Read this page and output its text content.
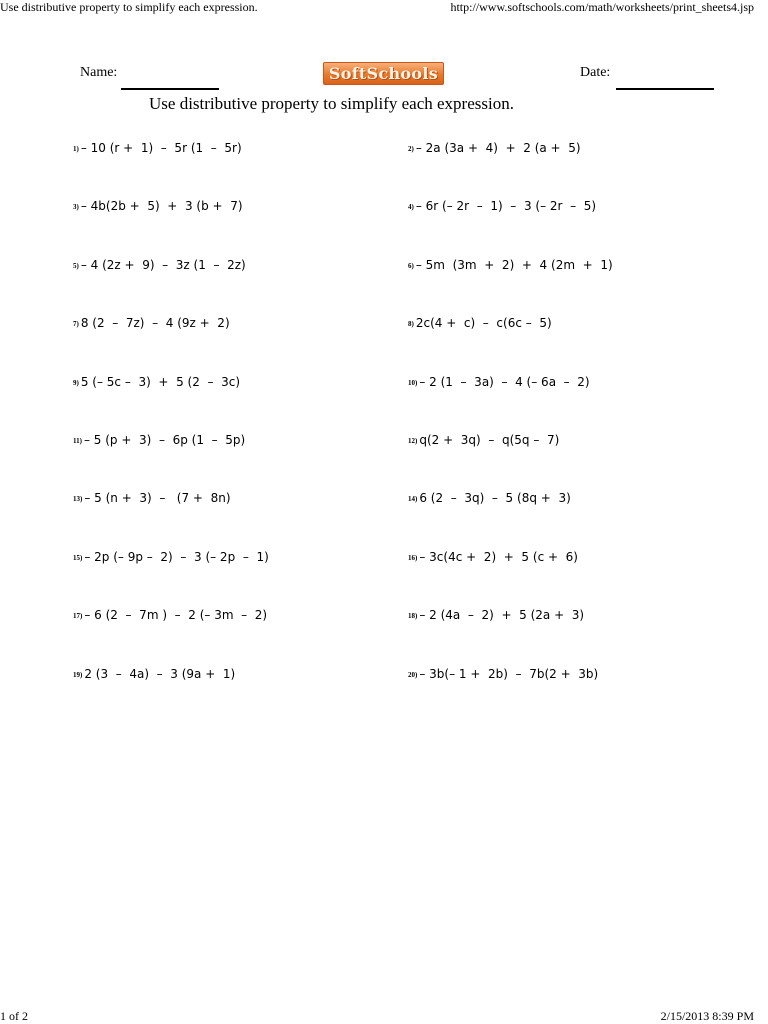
Use distributive property to simplify each expression.	http://www.softschools.com/math/worksheets/print_sheets4.jsp
Name:	SoftSchools	Date:
Use distributive property to simplify each expression.
1) – 10 (r +  1)  –  5r (1  –  5r)	2) – 2a (3a +  4)  +  2 (a +  5)
3) – 4b(2b +  5)  +  3 (b +  7)	4) – 6r (– 2r  –  1)  –  3 (– 2r  –  5)
5) – 4 (2z +  9)  –  3z (1  –  2z)	6) – 5m  (3m  +  2)  +  4 (2m  +  1)
7) 8 (2  –  7z)  –  4 (9z +  2)	8) 2c(4 +  c)  –  c(6c –  5)
9) 5 (– 5c –  3)  +  5 (2  –  3c)	10) – 2 (1  –  3a)  –  4 (– 6a  –  2)
11) – 5 (p +  3)  –  6p (1  –  5p)	12) q(2 +  3q)  –  q(5q –  7)
13) – 5 (n +  3)  –   (7 +  8n)	14) 6 (2  –  3q)  –  5 (8q +  3)
15) – 2p (– 9p –  2)  –  3 (– 2p  –  1)	16) – 3c(4c +  2)  +  5 (c +  6)
17) – 6 (2  –  7m )  –  2 (– 3m  –  2)	18) – 2 (4a  –  2)  +  5 (2a +  3)
19) 2 (3  –  4a)  –  3 (9a +  1)	20) – 3b(– 1 +  2b)  –  7b(2 +  3b)
1 of 2	2/15/2013 8:39 PM
